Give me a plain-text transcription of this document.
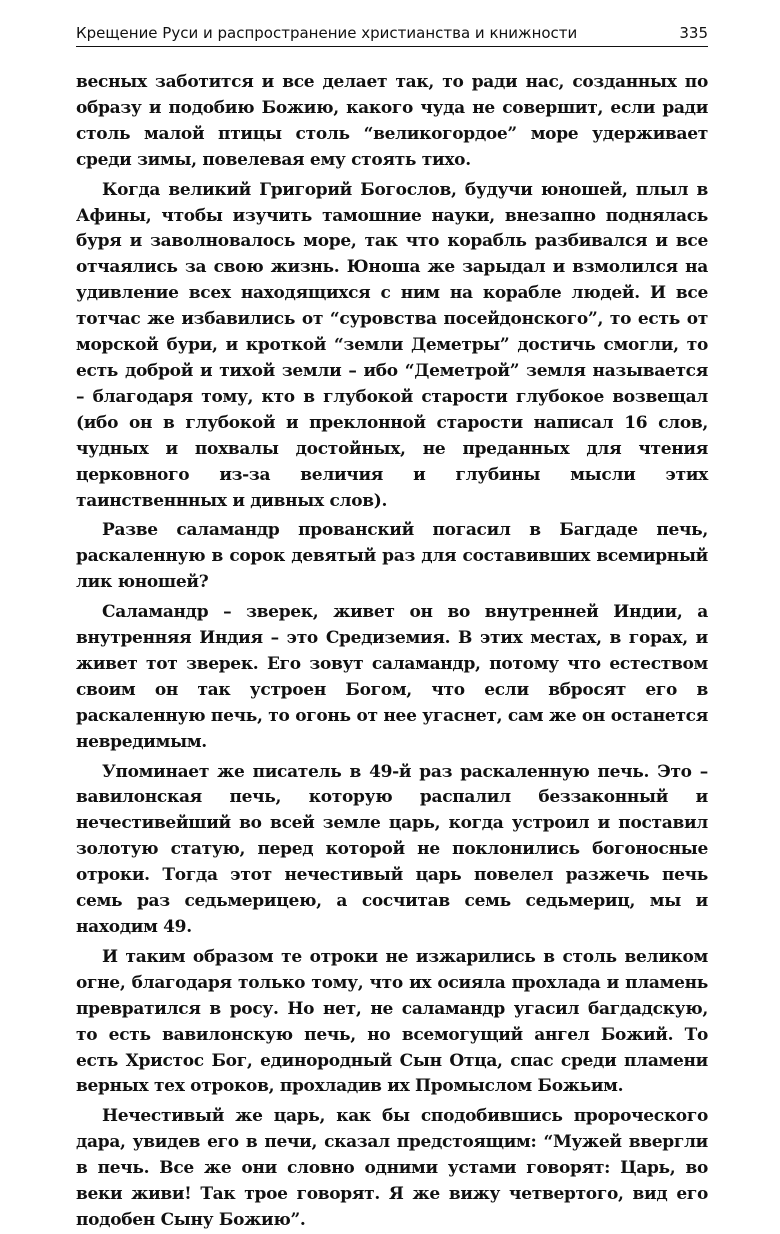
Крещение Руси и распространение христианства и книжности	335

весных заботится и все делает так, то ради нас, созданных по образу и подобию Божию, какого чуда не совершит, если ради столь малой птицы столь “великогордое” море удерживает среди зимы, повелевая ему стоять тихо.

Когда великий Григорий Богослов, будучи юношей, плыл в Афины, чтобы изучить тамошние науки, внезапно поднялась буря и заволновалось море, так что корабль разбивался и все отчаялись за свою жизнь. Юноша же зарыдал и взмолился на удивление всех находящихся с ним на корабле людей. И все тотчас же избавились от “суровства посейдонского”, то есть от морской бури, и кроткой “земли Деметры” достичь смогли, то есть доброй и тихой земли – ибо “Деметрой” земля называется – благодаря тому, кто в глубокой старости глубокое возвещал (ибо он в глубокой и преклонной старости написал 16 слов, чудных и похвалы достойных, не преданных для чтения церковного из-за величия и глубины мысли этих таинственнных и дивных слов).

Разве саламандр прованский погасил в Багдаде печь, раскаленную в сорок девятый раз для составивших всемирный лик юношей?

Саламандр – зверек, живет он во внутренней Индии, а внутренняя Индия – это Средиземия. В этих местах, в горах, и живет тот зверек. Его зовут саламандр, потому что естеством своим он так устроен Богом, что если вбросят его в раскаленную печь, то огонь от нее угаснет, сам же он останется невредимым.

Упоминает же писатель в 49-й раз раскаленную печь. Это – вавилонская печь, которую распалил беззаконный и нечестивейший во всей земле царь, когда устроил и поставил золотую статую, перед которой не поклонились богоносные отроки. Тогда этот нечестивый царь повелел разжечь печь семь раз седьмерицею, а сосчитав семь седьмериц, мы и находим 49.

И таким образом те отроки не изжарились в столь великом огне, благодаря только тому, что их осияла прохлада и пламень превратился в росу. Но нет, не саламандр угасил багдадскую, то есть вавилонскую печь, но всемогущий ангел Божий. То есть Христос Бог, единородный Сын Отца, спас среди пламени верных тех отроков, прохладив их Промыслом Божьим.

Нечестивый же царь, как бы сподобившись пророческого дара, увидев его в печи, сказал предстоящим: “Мужей ввергли в печь. Все же они словно одними устами говорят: Царь, во веки живи! Так трое говорят. Я же вижу четвертого, вид его подобен Сыну Божию”.
